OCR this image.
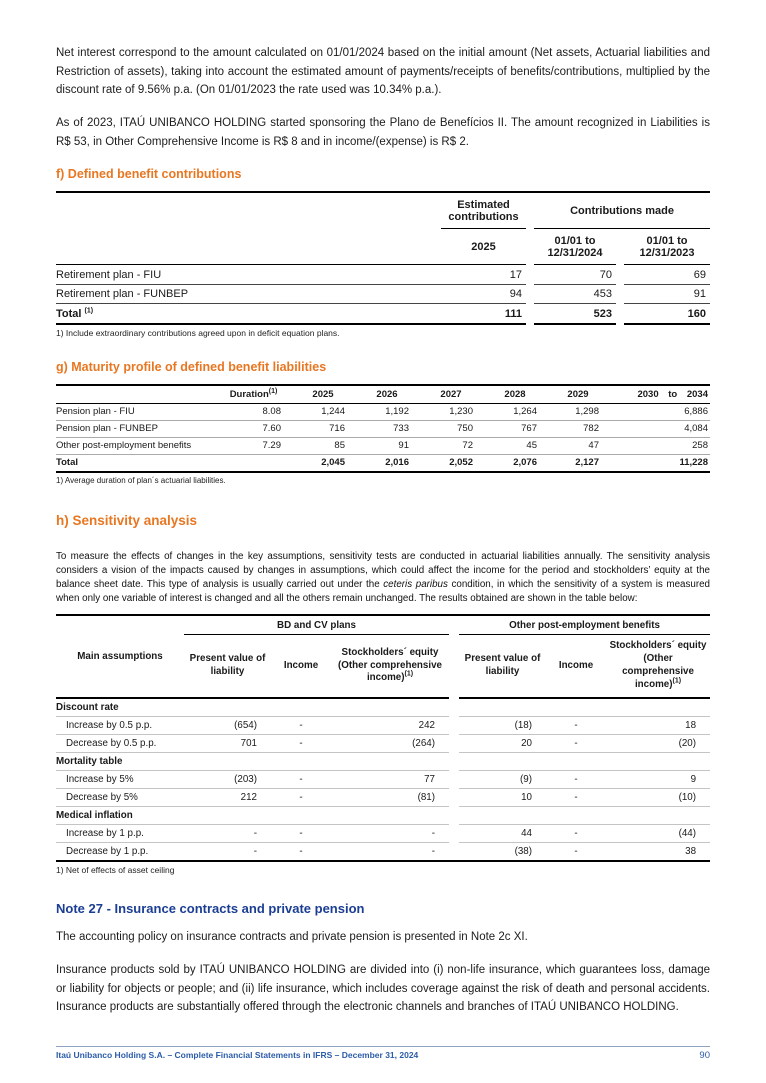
Net interest correspond to the amount calculated on 01/01/2024 based on the initial amount (Net assets, Actuarial liabilities and Restriction of assets), taking into account the estimated amount of payments/receipts of benefits/contributions, multiplied by the discount rate of 9.56% p.a. (On 01/01/2023 the rate used was 10.34% p.a.).

As of 2023, ITAÚ UNIBANCO HOLDING started sponsoring the Plano de Benefícios II. The amount recognized in Liabilities is R$ 53, in Other Comprehensive Income is R$ 8 and in income/(expense) is R$ 2.

f) Defined benefit contributions
	Estimated contributions		Contributions made		
	2025		01/01 to 12/31/2024		01/01 to 12/31/2023
Retirement plan - FIU	17		70		69
Retirement plan - FUNBEP	94		453		91
Total $^{(1)}$	111		523		160
1) Include extraordinary contributions agreed upon in deficit equation plans.
g) Maturity profile of defined benefit liabilities
	Duration$^{(1)}$	2025	2026	2027	2028	2029	2030 to 2034
Pension plan - FIU	8.08	1,244	1,192	1,230	1,264	1,298	6,886
Pension plan - FUNBEP	7.60	716	733	750	767	782	4,084
Other post-employment benefits	7.29	85	91	72	45	47	258
Total		2,045	2,016	2,052	2,076	2,127	11,228
1) Average duration of plan´s actuarial liabilities.
h) Sensitivity analysis

To measure the effects of changes in the key assumptions, sensitivity tests are conducted in actuarial liabilities annually. The sensitivity analysis considers a vision of the impacts caused by changes in assumptions, which could affect the income for the period and stockholders’ equity at the balance sheet date. This type of analysis is usually carried out under the ceteris paribus condition, in which the sensitivity of a system is measured when only one variable of interest is changed and all the others remain unchanged. The results obtained are shown in the table below:

Main assumptions	BD and CV plans				Other post-employment benefits		
	Present value of liability	Income	Stockholders´ equity (Other comprehensive income)$^{(1)}$		Present value of liability	Income	Stockholders´ equity (Other comprehensive income)$^{(1)}$
Discount rate							
Increase by 0.5 p.p.	(654)	-	242		(18)	-	18
Decrease by 0.5 p.p.	701	-	(264)		20	-	(20)
Mortality table							
Increase by 5%	(203)	-	77		(9)	-	9
Decrease by 5%	212	-	(81)		10	-	(10)
Medical inflation							
Increase by 1 p.p.	-	-	-		44	-	(44)
Decrease by 1 p.p.	-	-	-		(38)	-	38
1) Net of effects of asset ceiling
Note 27 - Insurance contracts and private pension

The accounting policy on insurance contracts and private pension is presented in Note 2c XI.

Insurance products sold by ITAÚ UNIBANCO HOLDING are divided into (i) non-life insurance, which guarantees loss, damage or liability for objects or people; and (ii) life insurance, which includes coverage against the risk of death and personal accidents. Insurance products are substantially offered through the electronic channels and branches of ITAÚ UNIBANCO HOLDING.

Itaú Unibanco Holding S.A. – Complete Financial Statements in IFRS – December 31, 2024	90
